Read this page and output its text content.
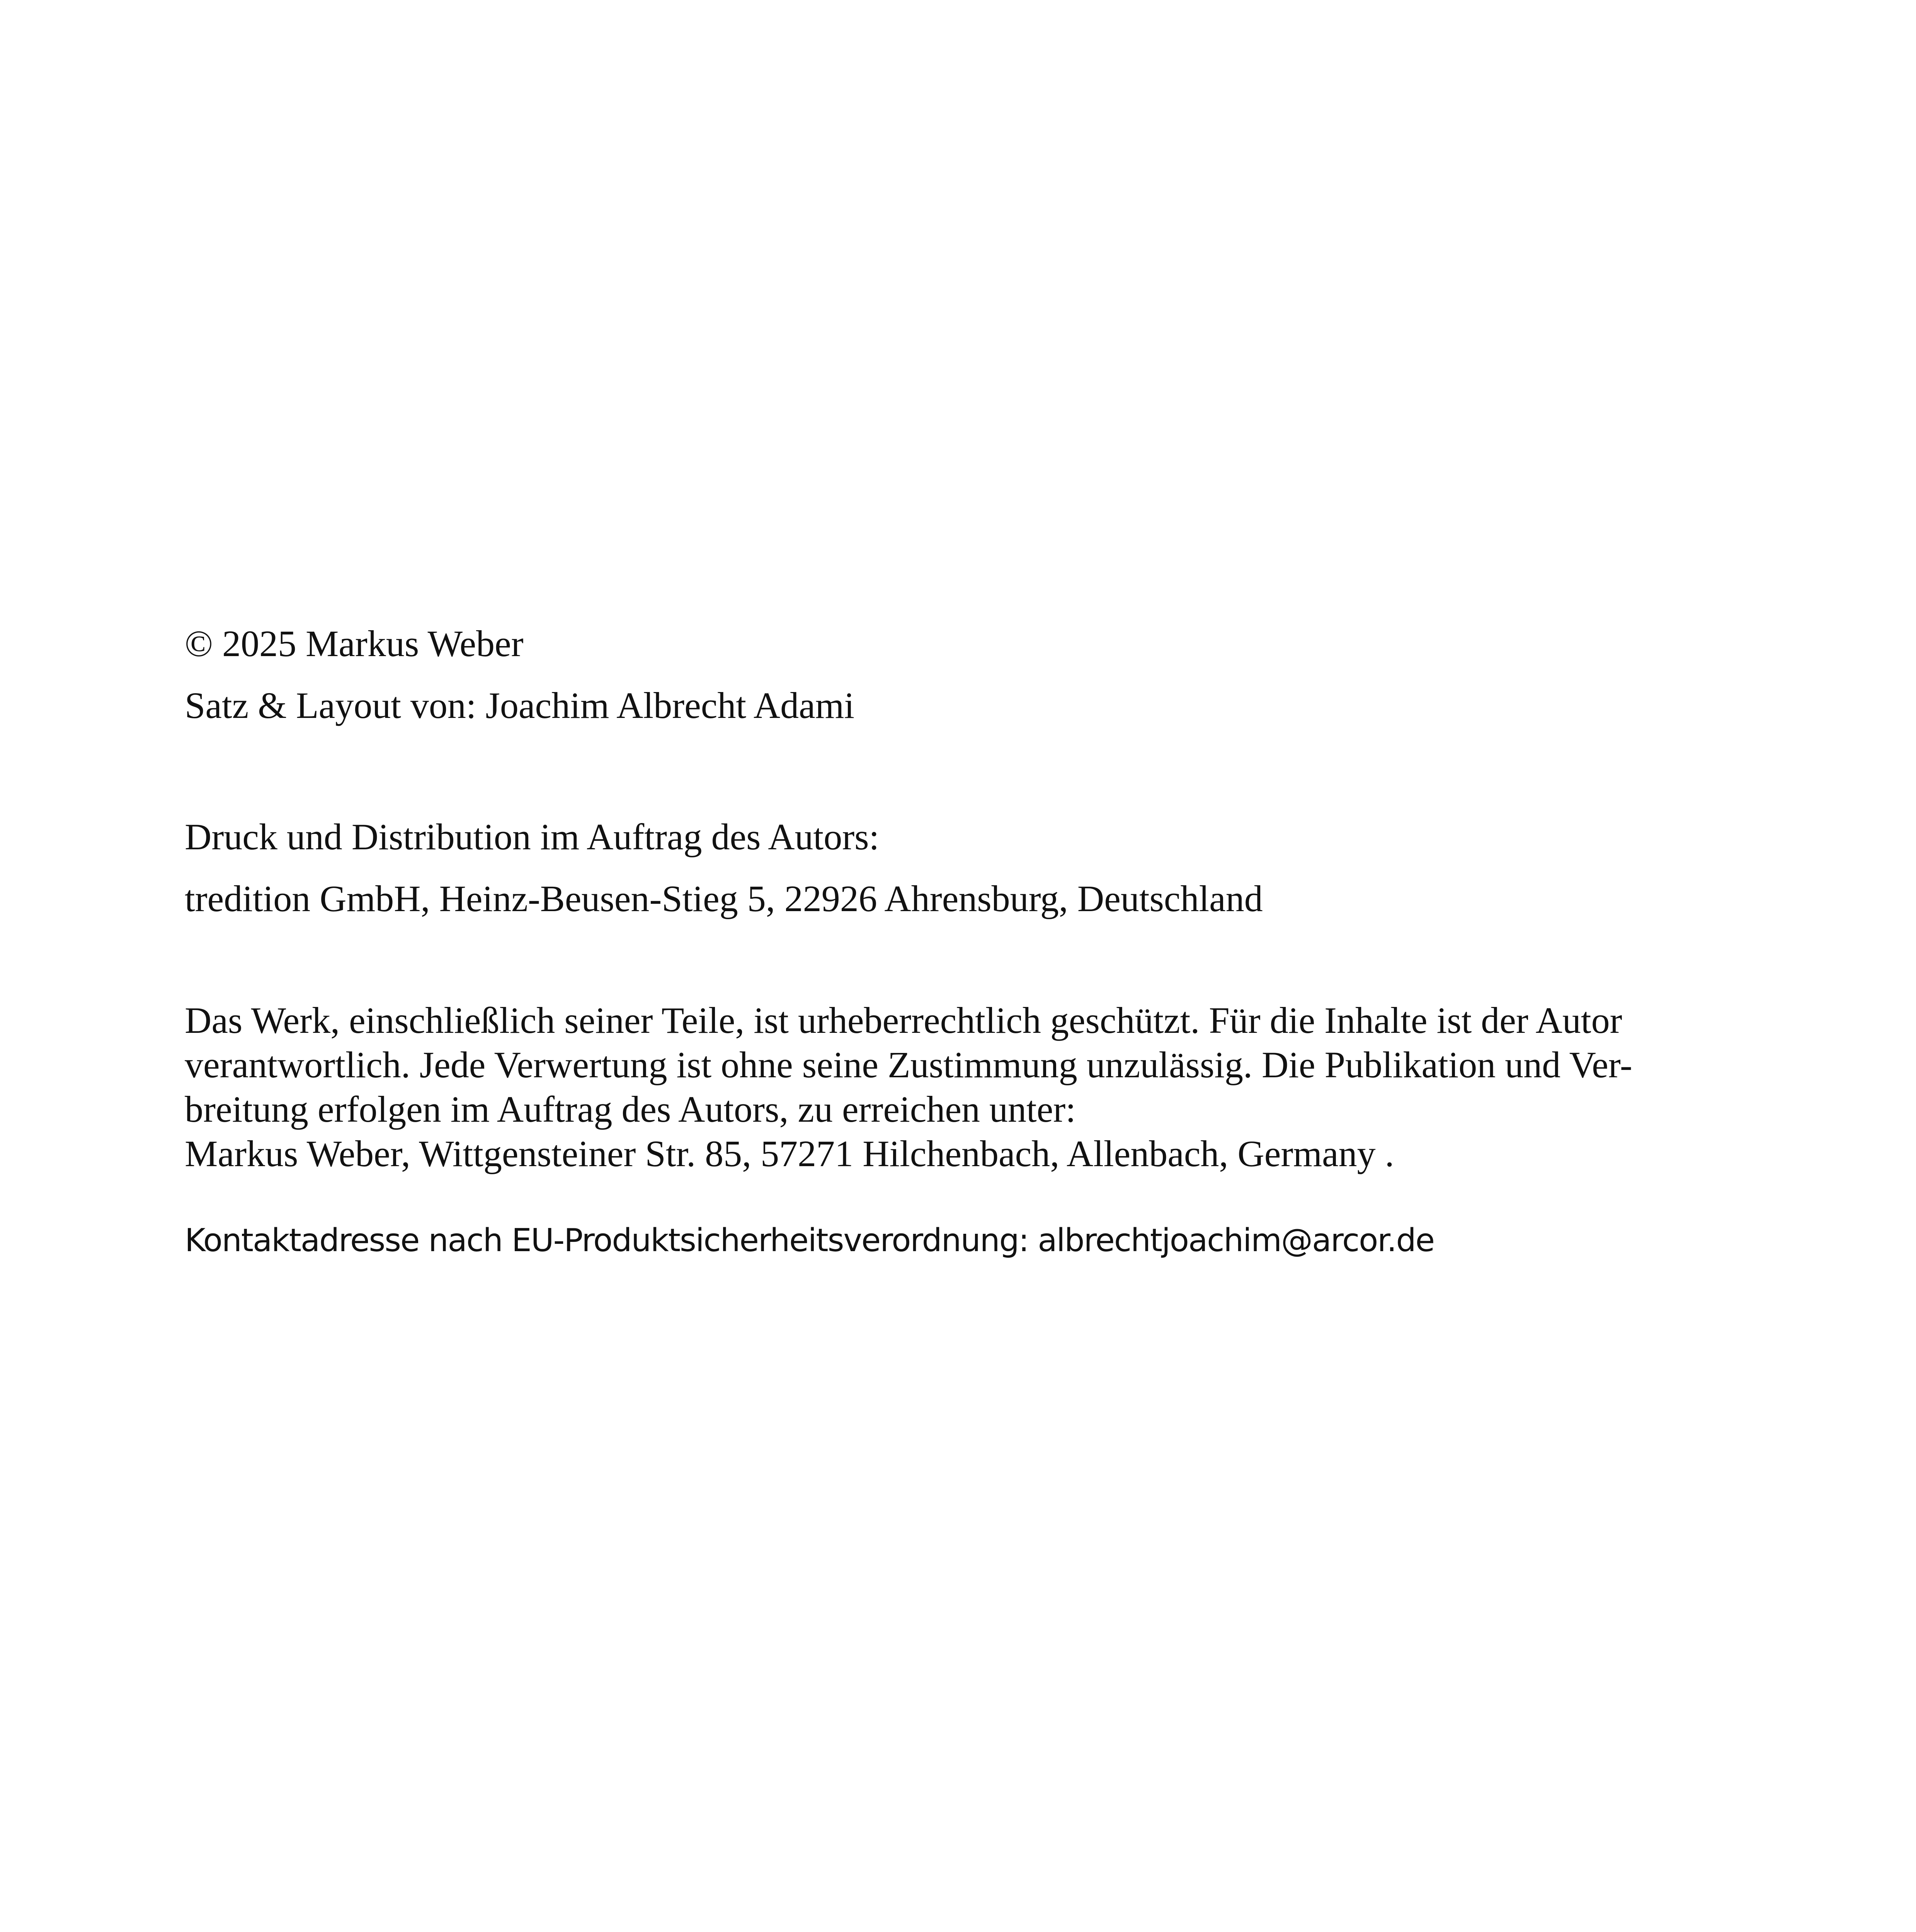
© 2025 Markus Weber

Satz & Layout von: Joachim Albrecht Adami

Druck und Distribution im Auftrag des Autors:

tredition GmbH, Heinz-Beusen-Stieg 5, 22926 Ahrensburg, Deutschland

Das Werk, einschließlich seiner Teile, ist urheberrechtlich geschützt. Für die Inhalte ist der Autor
verantwortlich. Jede Verwertung ist ohne seine Zustimmung unzulässig. Die Publikation und Ver-
breitung erfolgen im Auftrag des Autors, zu erreichen unter:
Markus Weber, Wittgensteiner Str. 85, 57271 Hilchenbach, Allenbach, Germany .

Kontaktadresse nach EU-Produktsicherheitsverordnung: albrechtjoachim@arcor.de
